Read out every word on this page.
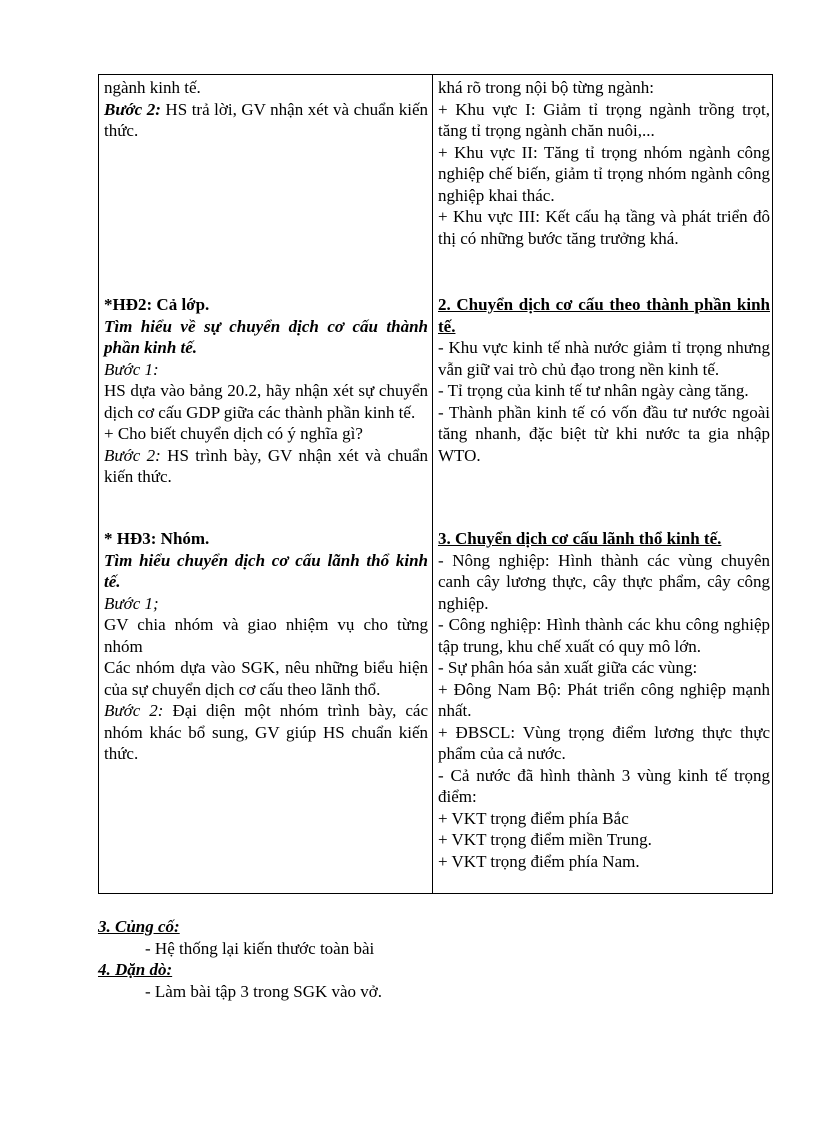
ngành kinh tế.

Bước 2: HS trả lời, GV nhận xét và chuẩn kiến thức.

khá rõ trong nội bộ từng ngành:

+ Khu vực I: Giảm tỉ trọng ngành trồng trọt, tăng tỉ trọng ngành chăn nuôi,...

+ Khu vực II: Tăng tỉ trọng nhóm ngành công nghiệp chế biến, giảm tỉ trọng nhóm ngành công nghiệp khai thác.

+ Khu vực III: Kết cấu hạ tầng và phát triển đô thị có những bước tăng trưởng khá.

*HĐ2: Cả lớp.

Tìm hiểu về sự chuyển dịch cơ cấu thành phần kinh tế.

Bước 1:

HS dựa vào bảng 20.2, hãy nhận xét sự chuyển dịch cơ cấu GDP giữa các thành phần kinh tế.

+ Cho biết chuyển dịch có ý nghĩa gì?

Bước 2: HS trình bày, GV nhận xét và chuẩn kiến thức.

2. Chuyển dịch cơ cấu theo thành phần kinh tế.

- Khu vực kinh tế nhà nước giảm tỉ trọng nhưng vẫn giữ vai trò chủ đạo trong nền kinh tế.

- Tỉ trọng của kinh tế tư nhân ngày càng tăng.

- Thành phần kinh tế có vốn đầu tư nước ngoài tăng nhanh, đặc biệt từ khi nước ta gia nhập WTO.

* HĐ3: Nhóm.

Tìm hiểu chuyển dịch cơ cấu lãnh thổ kinh tế.

Bước 1;

GV chia nhóm và giao nhiệm vụ cho từng nhóm

Các nhóm dựa vào SGK, nêu những biểu hiện của sự chuyển dịch cơ cấu theo lãnh thổ.

Bước 2: Đại diện một nhóm trình bày, các nhóm khác bổ sung, GV giúp HS chuẩn kiến thức.

3. Chuyển dịch cơ cấu lãnh thổ kinh tế.

- Nông nghiệp: Hình thành các vùng chuyên canh cây lương thực, cây thực phẩm, cây công nghiệp.

- Công nghiệp: Hình thành các khu công nghiệp tập trung, khu chế xuất có quy mô lớn.

- Sự phân hóa sản xuất giữa các vùng:

+ Đông Nam Bộ: Phát triển công nghiệp mạnh nhất.

+ ĐBSCL: Vùng trọng điểm lương thực thực phẩm của cả nước.

- Cả nước đã hình thành 3 vùng kinh tế trọng điểm:

+ VKT trọng điểm phía Bắc

+ VKT trọng điểm miền Trung.

+ VKT trọng điểm phía Nam.

3. Củng cố:

- Hệ thống lại kiến thước toàn bài

4. Dặn dò:

- Làm bài tập 3 trong SGK vào vở.
